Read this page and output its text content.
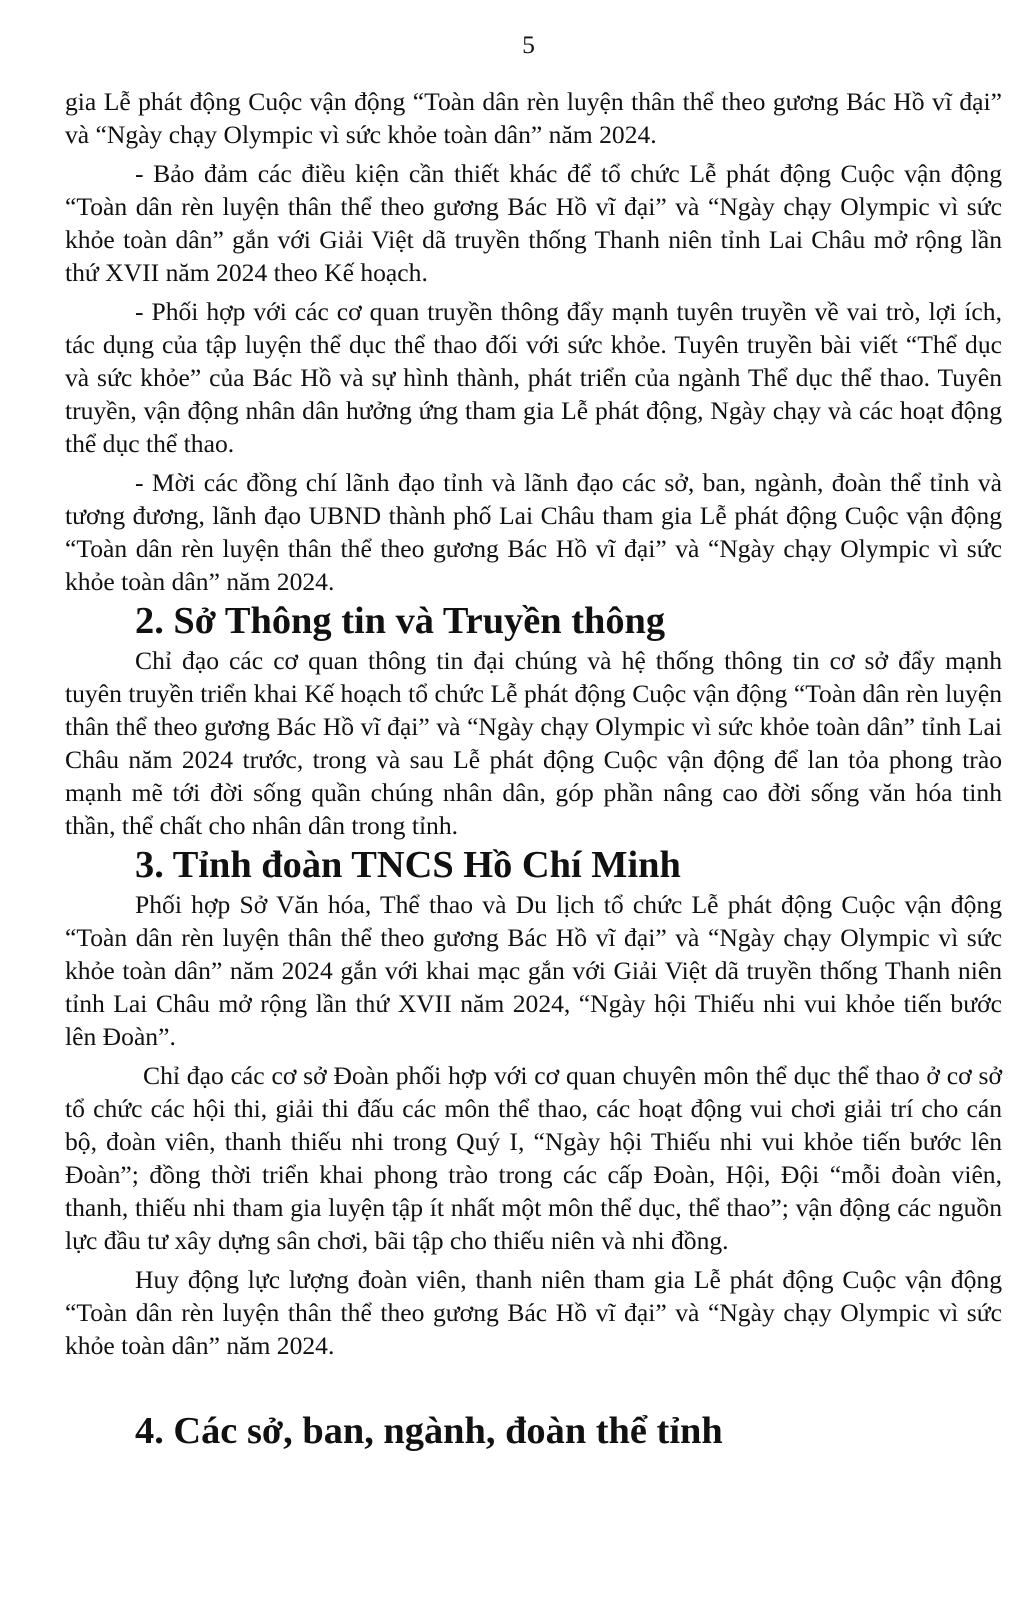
5

gia Lễ phát động Cuộc vận động “Toàn dân rèn luyện thân thể theo gương Bác Hồ vĩ đại” và “Ngày chạy Olympic vì sức khỏe toàn dân” năm 2024.

- Bảo đảm các điều kiện cần thiết khác để tổ chức Lễ phát động Cuộc vận động “Toàn dân rèn luyện thân thể theo gương Bác Hồ vĩ đại” và “Ngày chạy Olympic vì sức khỏe toàn dân” gắn với Giải Việt dã truyền thống Thanh niên tỉnh Lai Châu mở rộng lần thứ XVII năm 2024 theo Kế hoạch.

- Phối hợp với các cơ quan truyền thông đẩy mạnh tuyên truyền về vai trò, lợi ích, tác dụng của tập luyện thể dục thể thao đối với sức khỏe. Tuyên truyền bài viết “Thể dục và sức khỏe” của Bác Hồ và sự hình thành, phát triển của ngành Thể dục thể thao. Tuyên truyền, vận động nhân dân hưởng ứng tham gia Lễ phát động, Ngày chạy và các hoạt động thể dục thể thao.

- Mời các đồng chí lãnh đạo tỉnh và lãnh đạo các sở, ban, ngành, đoàn thể tỉnh và tương đương, lãnh đạo UBND thành phố Lai Châu tham gia Lễ phát động Cuộc vận động “Toàn dân rèn luyện thân thể theo gương Bác Hồ vĩ đại” và “Ngày chạy Olympic vì sức khỏe toàn dân” năm 2024.

2. Sở Thông tin và Truyền thông

Chỉ đạo các cơ quan thông tin đại chúng và hệ thống thông tin cơ sở đẩy mạnh tuyên truyền triển khai Kế hoạch tổ chức Lễ phát động Cuộc vận động “Toàn dân rèn luyện thân thể theo gương Bác Hồ vĩ đại” và “Ngày chạy Olympic vì sức khỏe toàn dân” tỉnh Lai Châu năm 2024 trước, trong và sau Lễ phát động Cuộc vận động để lan tỏa phong trào mạnh mẽ tới đời sống quần chúng nhân dân, góp phần nâng cao đời sống văn hóa tinh thần, thể chất cho nhân dân trong tỉnh.

3. Tỉnh đoàn TNCS Hồ Chí Minh

Phối hợp Sở Văn hóa, Thể thao và Du lịch tổ chức Lễ phát động Cuộc vận động “Toàn dân rèn luyện thân thể theo gương Bác Hồ vĩ đại” và “Ngày chạy Olympic vì sức khỏe toàn dân” năm 2024 gắn với khai mạc gắn với Giải Việt dã truyền thống Thanh niên tỉnh Lai Châu mở rộng lần thứ XVII năm 2024, “Ngày hội Thiếu nhi vui khỏe tiến bước lên Đoàn”.

Chỉ đạo các cơ sở Đoàn phối hợp với cơ quan chuyên môn thể dục thể thao ở cơ sở tổ chức các hội thi, giải thi đấu các môn thể thao, các hoạt động vui chơi giải trí cho cán bộ, đoàn viên, thanh thiếu nhi trong Quý I, “Ngày hội Thiếu nhi vui khỏe tiến bước lên Đoàn”; đồng thời triển khai phong trào trong các cấp Đoàn, Hội, Đội “mỗi đoàn viên, thanh, thiếu nhi tham gia luyện tập ít nhất một môn thể dục, thể thao”; vận động các nguồn lực đầu tư xây dựng sân chơi, bãi tập cho thiếu niên và nhi đồng.

Huy động lực lượng đoàn viên, thanh niên tham gia Lễ phát động Cuộc vận động “Toàn dân rèn luyện thân thể theo gương Bác Hồ vĩ đại” và “Ngày chạy Olympic vì sức khỏe toàn dân” năm 2024.

4. Các sở, ban, ngành, đoàn thể tỉnh
